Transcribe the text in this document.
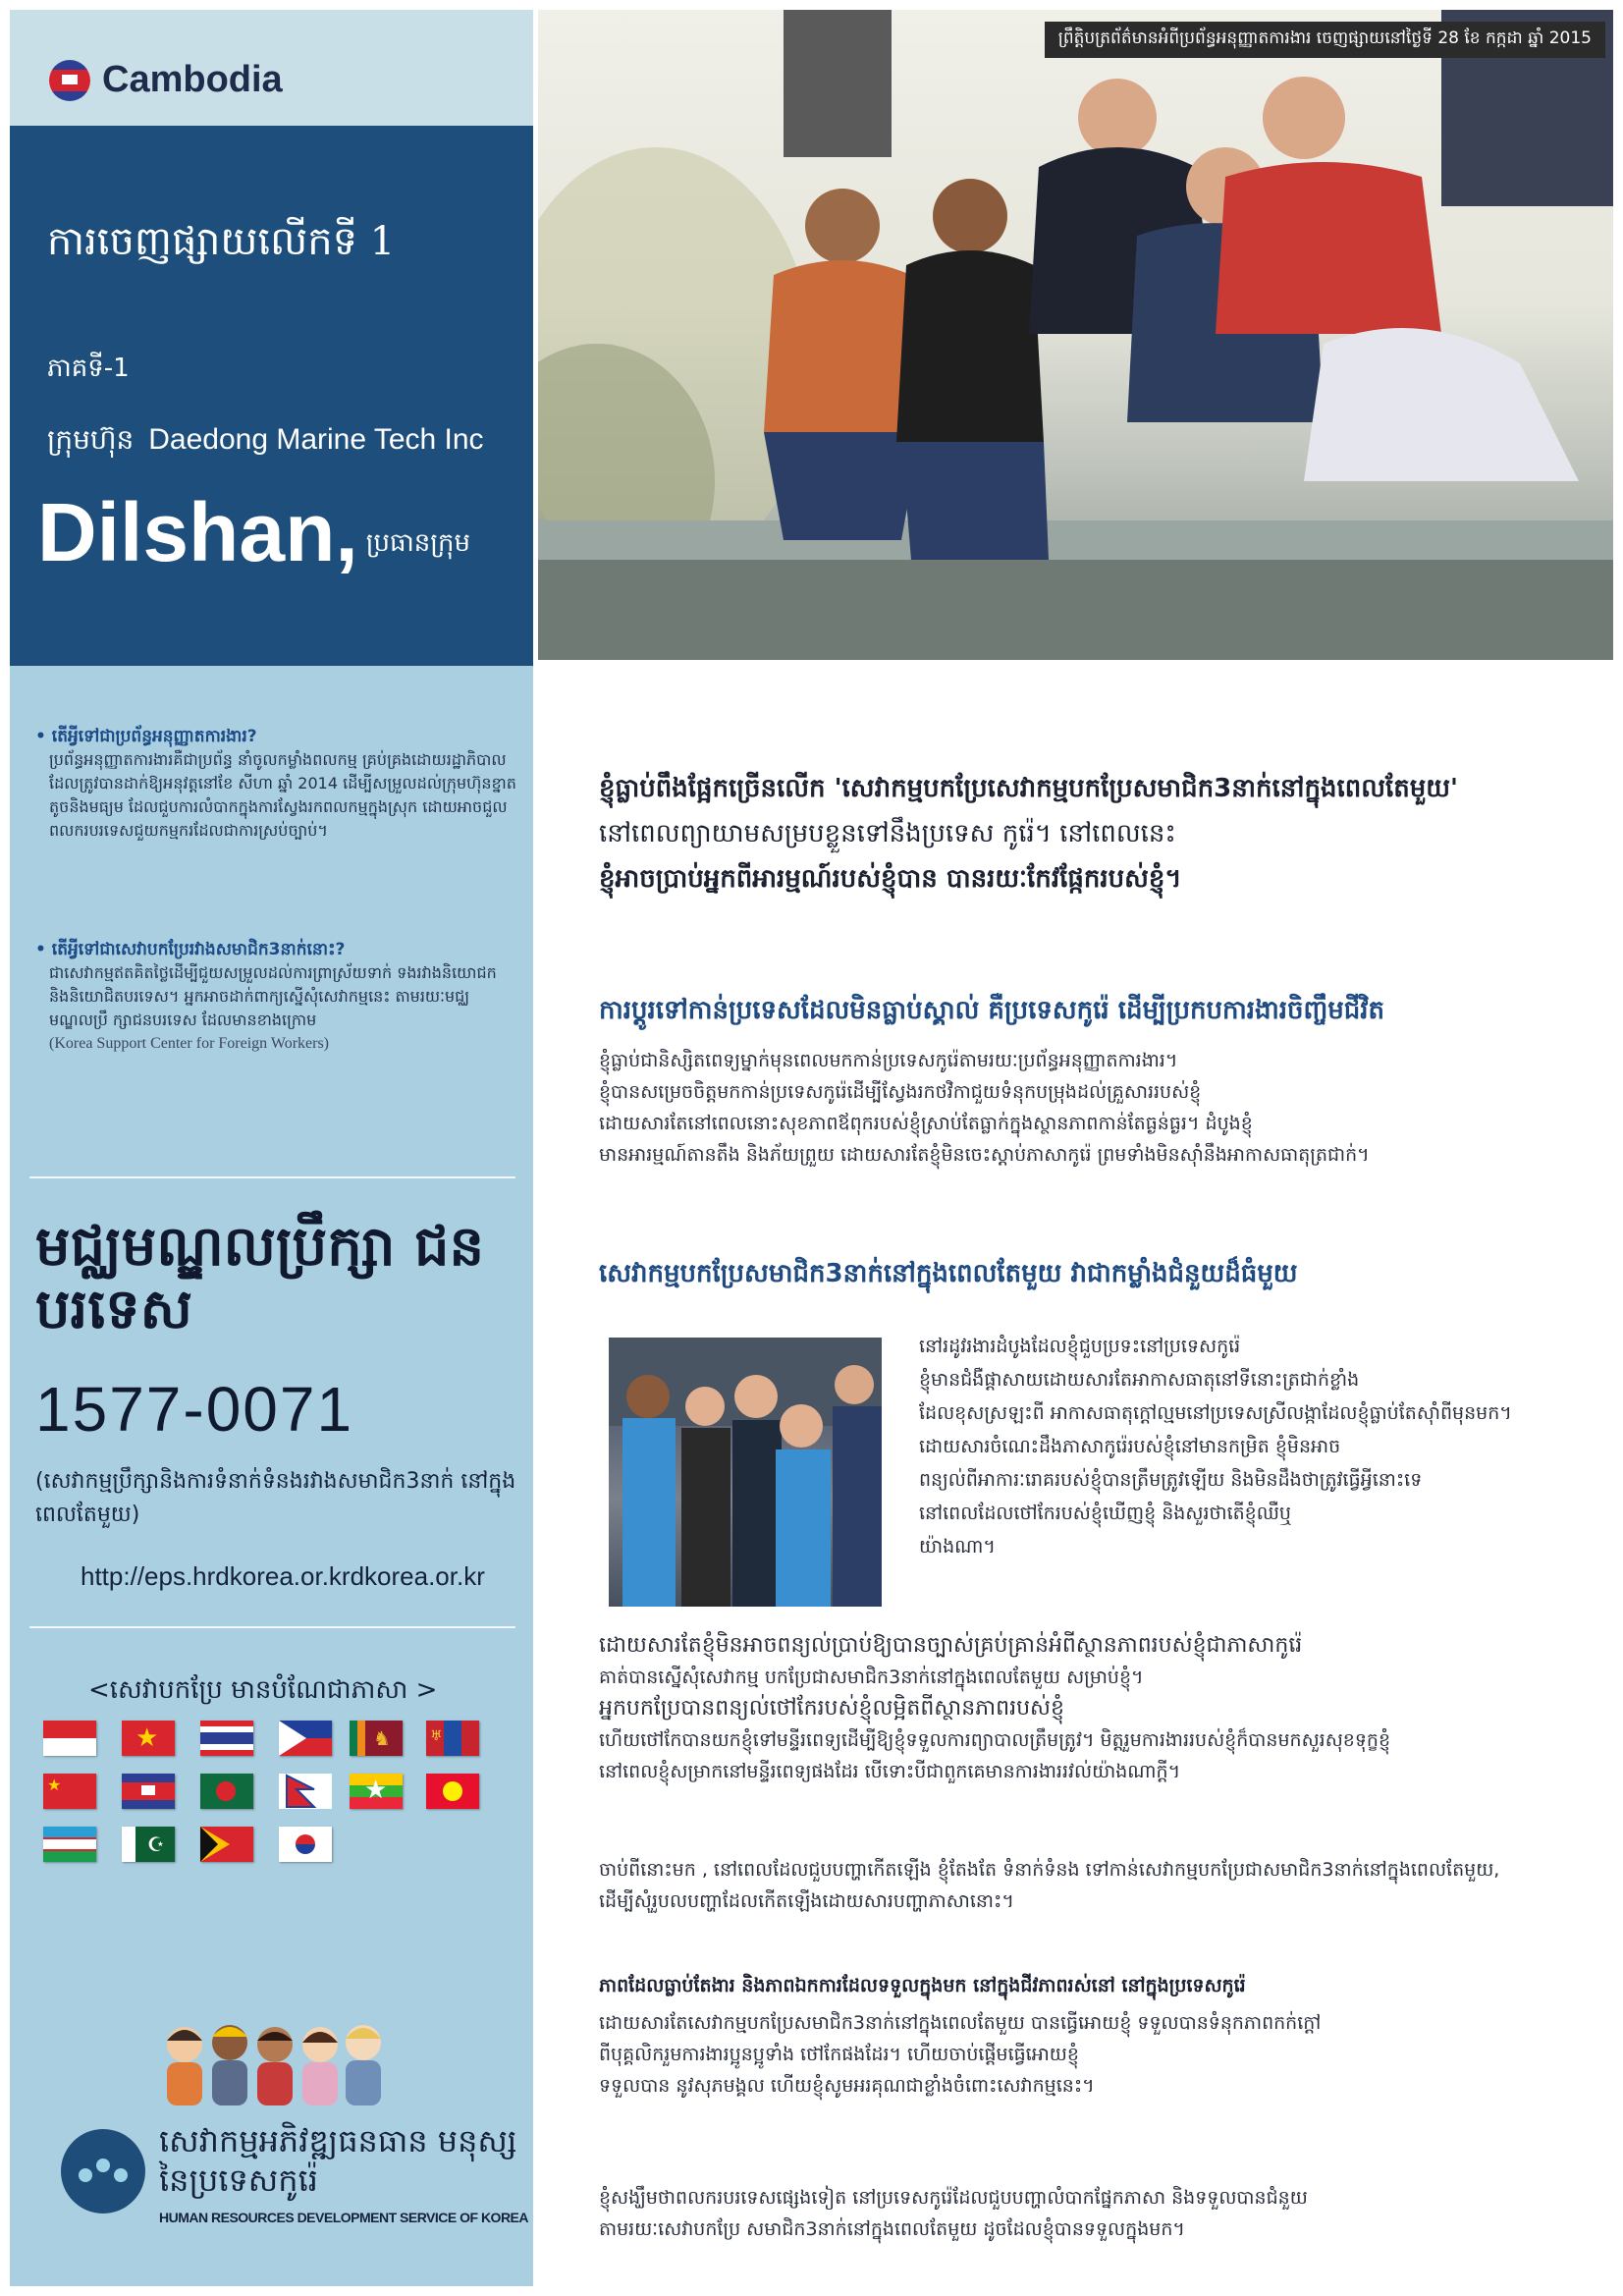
Cambodia
ការចេញផ្សាយលើកទី 1
ភាគទី-1
ក្រុមហ៊ុន Daedong Marine Tech Inc
Dilshan, ប្រធានក្រុម
• តើអ្វីទៅជាប្រព័ន្ធអនុញ្ញាតការងារ?
ប្រព័ន្ធអនុញ្ញាតការងារគឺជាប្រព័ន្ធ នាំចូលកម្លាំងពលកម្ម គ្រប់គ្រងដោយរដ្ឋាភិបាល ដែលត្រូវបានដាក់ឱ្យអនុវត្តនៅខែ សីហា ឆ្នាំ 2014 ដើម្បីសម្រួលដល់ក្រុមហ៊ុនខ្នាតតូចនិងមធ្យម ដែលជួបការលំបាកក្នុងការស្វែងរកពលកម្មក្នុងស្រុក ដោយអាចជួលពលករបរទេសជួយកម្មករដែលជាការស្រប់ច្បាប់។
• តើអ្វីទៅជាសេវាបកប្រែរវាងសមាជិក3នាក់នោះ?
ជាសេវាកម្មឥតគិតថ្លៃដើម្បីជួយសម្រួលដល់ការព្រាស្រ័យទាក់ ទងរវាងនិយោជក និងនិយោជិតបរទេស។ អ្នកអាចដាក់ពាក្យស្នើសុំសេវាកម្មនេះ តាមរយៈមជ្ឈមណ្ឌលប្រឹ ក្សាជនបរទេស ដែលមានខាងក្រោម
(Korea Support Center for Foreign Workers)
មជ្ឈមណ្ឌលប្រឹក្សា ជនបរទេស
1577-0071
(សេវាកម្មប្រឹក្សានិងការទំនាក់ទំនងរវាងសមាជិក3នាក់ នៅក្នុងពេលតែមួយ)
http://eps.hrdkorea.or.krdkorea.or.kr
<សេវាបកប្រែ មានបំណែជាភាសា >
★
★
☪
♞	♅
★
សេវាកម្មអភិវឌ្ឍធនធាន មនុស្សនៃប្រទេសកូរ៉េ
HUMAN RESOURCES DEVELOPMENT SERVICE OF KOREA
ព្រឹត្តិបត្រព័ត៌មានអំពីប្រព័ន្ធអនុញ្ញាតការងារ ចេញផ្សាយនៅថ្ងៃទី 28 ខែ កក្កដា ឆ្នាំ 2015
ខ្ញុំធ្លាប់ពឹងផ្អែកច្រើនលើក 'សេវាកម្មបកប្រែសេវាកម្មបកប្រែសមាជិក3នាក់នៅក្នុងពេលតែមួយ'
នៅពេលព្យាយាមសម្របខ្លួនទៅនឹងប្រទេស កូរ៉េ។ នៅពេលនេះ
ខ្ញុំអាចប្រាប់អ្នកពីអារម្មណ៍របស់ខ្ញុំបាន បានរយៈកែវផ្កែករបស់ខ្ញុំ។
ការប្តូរទៅកាន់ប្រទេសដែលមិនធ្លាប់ស្គាល់ គឺប្រទេសកូរ៉េ ដើម្បីប្រកបការងារចិញ្ចឹមជីវិត
ខ្ញុំធ្លាប់ជានិស្សិតពេទ្យម្នាក់មុនពេលមកកាន់ប្រទេសកូរ៉េតាមរយៈប្រព័ន្ធអនុញ្ញាតការងារ។
ខ្ញុំបានសម្រេចចិត្តមកកាន់ប្រទេសកូរ៉េដើម្បីស្វែងរកថវិកាជួយទំនុកបម្រុងដល់គ្រួសាររបស់ខ្ញុំ
ដោយសារតែនៅពេលនោះសុខភាពឪពុករបស់ខ្ញុំស្រាប់តែធ្លាក់ក្នុងស្ថានភាពកាន់តែធ្ងន់ធ្ងរ។ ដំបូងខ្ញុំ
មានអារម្មណ៍តានតឹង និងភ័យព្រួយ ដោយសារតែខ្ញុំមិនចេះស្តាប់ភាសាកូរ៉េ ព្រមទាំងមិនស៊ាំនឹងអាកាសធាតុត្រជាក់។
សេវាកម្មបកប្រែសមាជិក3នាក់នៅក្នុងពេលតែមួយ វាជាកម្លាំងជំនួយដ៏ធំមួយ
នៅរដូវរងារដំបូងដែលខ្ញុំជួបប្រទះនៅប្រទេសកូរ៉េ
ខ្ញុំមានជំងឺផ្តាសាយដោយសារតែអាកាសធាតុនៅទីនោះត្រជាក់ខ្លាំង
ដែលខុសស្រឡះពី អាកាសធាតុក្តៅល្មមនៅប្រទេសស្រីលង្កាដែលខ្ញុំធ្លាប់តែស៊ាំពីមុនមក។
ដោយសារចំណេះដឹងភាសាកូរ៉េរបស់ខ្ញុំនៅមានកម្រិត ខ្ញុំមិនអាច
ពន្យល់ពីអាការៈរោគរបស់ខ្ញុំបានត្រឹមត្រូវឡើយ និងមិនដឹងថាត្រូវធ្វើអ្វីនោះទេ
នៅពេលដែលថៅកែរបស់ខ្ញុំឃើញខ្ញុំ និងសួរថាតើខ្ញុំឈឺឬ
យ៉ាងណា។
ដោយសារតែខ្ញុំមិនអាចពន្យល់ប្រាប់ឱ្យបានច្បាស់គ្រប់គ្រាន់អំពីស្ថានភាពរបស់ខ្ញុំជាភាសាកូរ៉េ
គាត់បានស្នើសុំសេវាកម្ម បកប្រែជាសមាជិក3នាក់នៅក្នុងពេលតែមួយ សម្រាប់ខ្ញុំ។
អ្នកបកប្រែបានពន្យល់ថៅកែរបស់ខ្ញុំលម្អិតពីស្ថានភាពរបស់ខ្ញុំ
ហើយថៅកែបានយកខ្ញុំទៅមន្ទីរពេទ្យដើម្បីឱ្យខ្ញុំទទួលការព្យាបាលត្រឹមត្រូវ។ មិត្តរួមការងាររបស់ខ្ញុំក៏បានមកសួរសុខទុក្ខខ្ញុំ
នៅពេលខ្ញុំសម្រាកនៅមន្ទីរពេទ្យផងដែរ បើទោះបីជាពួកគេមានការងាររវល់យ៉ាងណាក្តី។
ចាប់ពីនោះមក , នៅពេលដែលជួបបញ្ហាកើតឡើង ខ្ញុំតែងតែ ទំនាក់ទំនង ទៅកាន់សេវាកម្មបកប្រែជាសមាជិក3នាក់នៅក្នុងពេលតែមួយ,
ដើម្បីសុំរួបលបញ្ហាដែលកើតឡើងដោយសារបញ្ហាភាសានោះ។
ភាពដែលធ្លាប់តែងារ និងភាពឯកការដែលទទួលក្នុងមក នៅក្នុងជីវភាពរស់នៅ នៅក្នុងប្រទេសកូរ៉េ
ដោយសារតែសេវាកម្មបកប្រែសមាជិក3នាក់នៅក្នុងពេលតែមួយ បានធ្វើអោយខ្ញុំ ទទួលបានទំនុកភាពកក់ក្តៅ
ពីបុគ្គលិករួមការងារប្អូនប្អូទាំង ថៅកែផងដែរ។ ហើយចាប់ផ្តើមធ្វើអោយខ្ញុំ
ទទួលបាន នូវសុភមង្គល ហើយខ្ញុំសូមអរគុណជាខ្លាំងចំពោះសេវាកម្មនេះ។
ខ្ញុំសង្ឃឹមថាពលករបរទេសផ្សេងទៀត នៅប្រទេសកូរ៉េដែលជួបបញ្ហាលំបាកផ្នែកភាសា និងទទួលបានជំនួយ
តាមរយៈសេវាបកប្រែ សមាជិក3នាក់នៅក្នុងពេលតែមួយ ដូចដែលខ្ញុំបានទទួលក្នុងមក។
